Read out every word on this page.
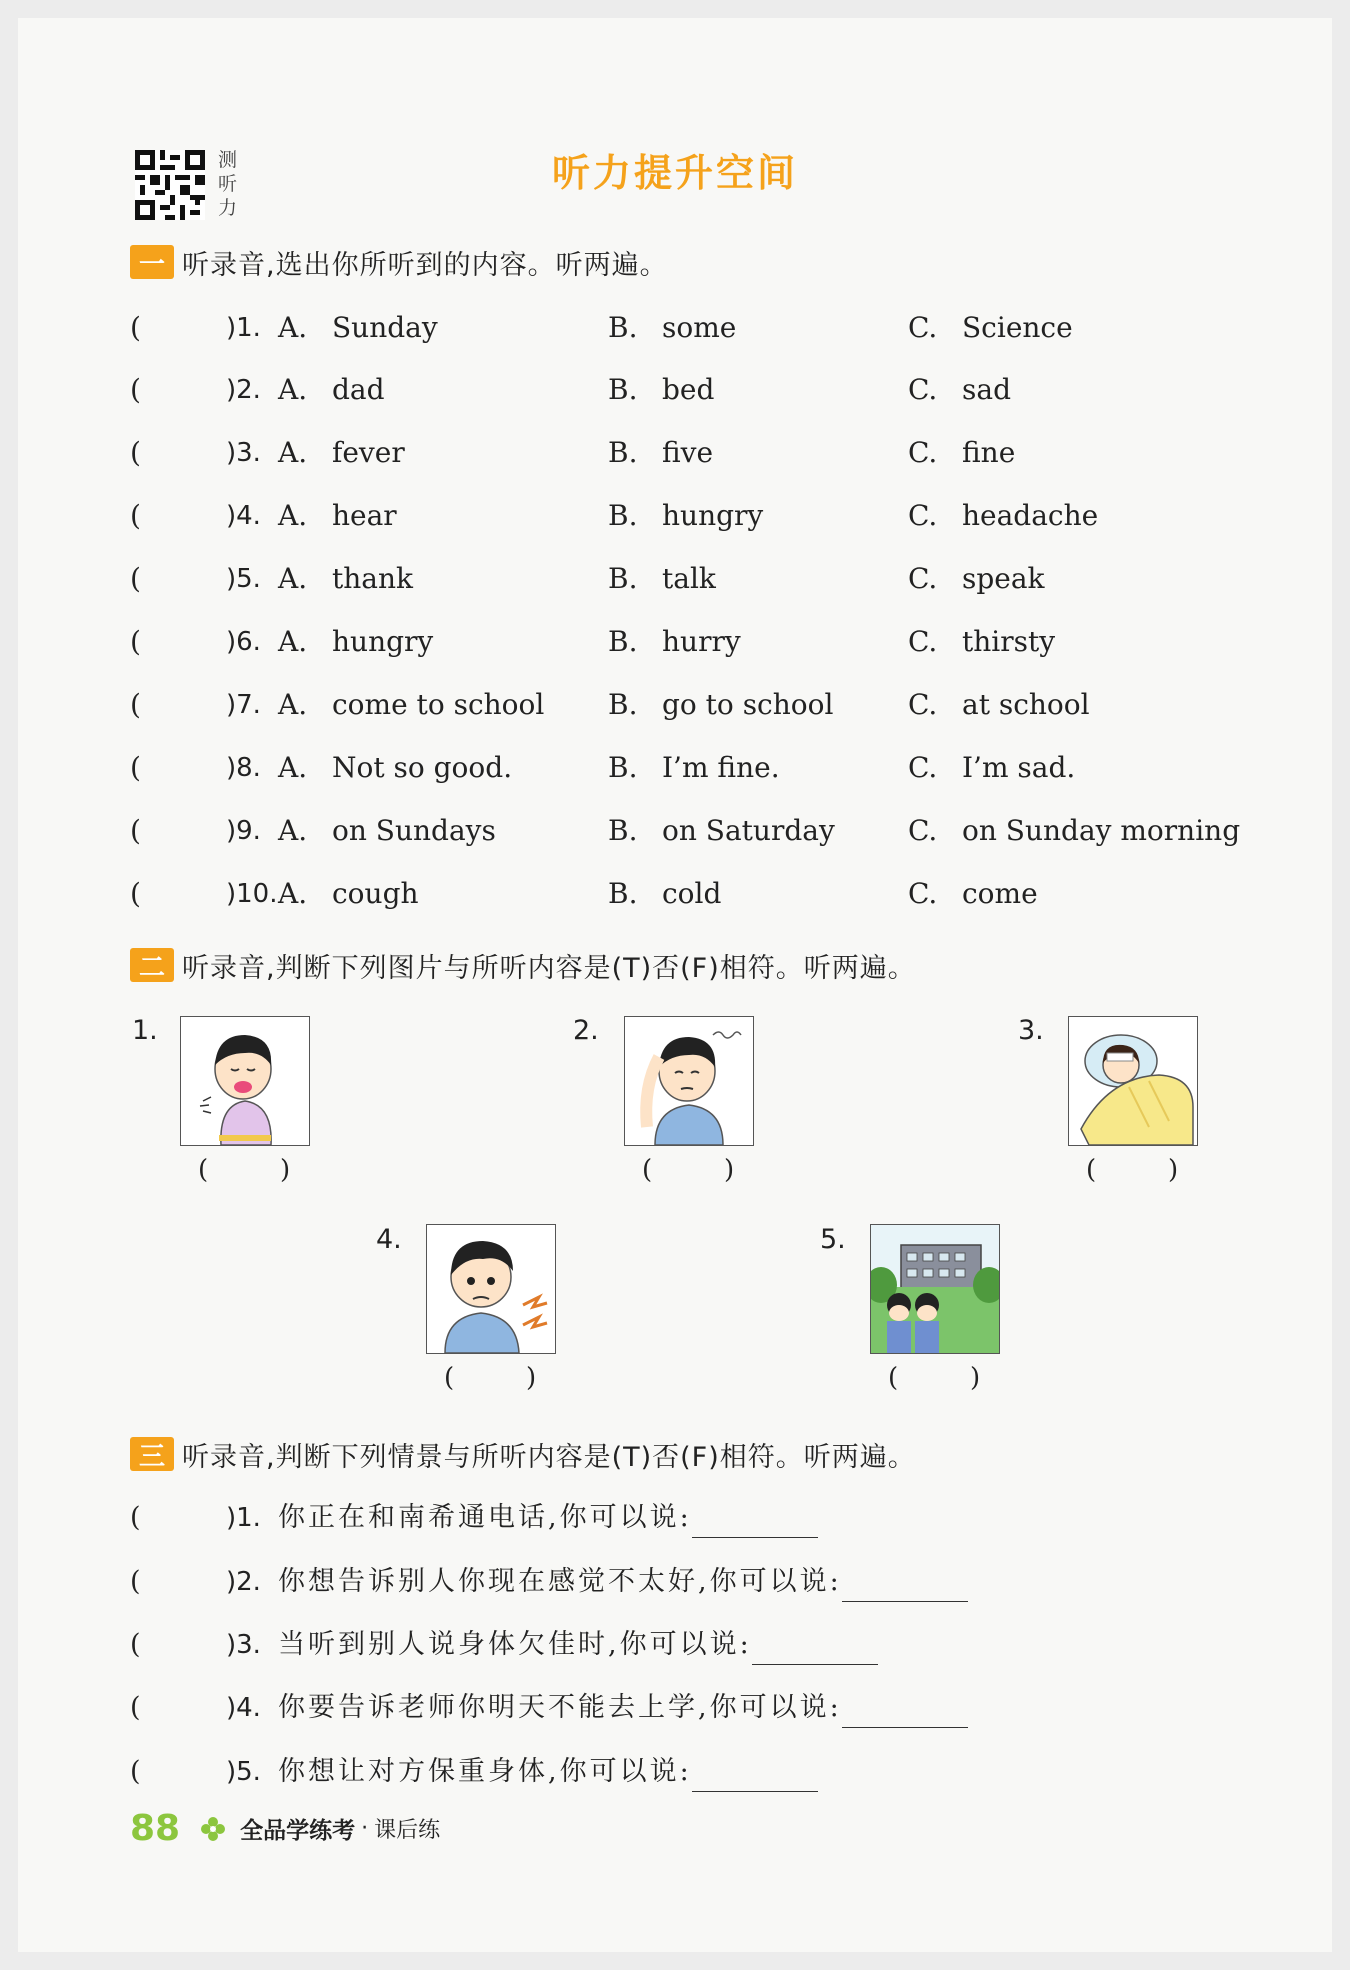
测听力
听力提升空间
一 听录音,选出你所听到的内容。听两遍。
(	)1. A. Sunday	B. some	C. Science
(	)2. A. dad	B. bed	C. sad
(	)3. A. fever	B. five	C. fine
(	)4. A. hear	B. hungry	C. headache
(	)5. A. thank	B. talk	C. speak
(	)6. A. hungry	B. hurry	C. thirsty
(	)7. A. come to school B. go to school	C. at school
(	)8. A. Not so good.	B. I’m fine.	C. I’m sad.
(	)9. A. on Sundays	B. on Saturday	C. on Sunday morning
(	)10. A. cough	B. cold	C. come
二 听录音,判断下列图片与所听内容是(T)否(F)相符。听两遍。
1.
(	)
2.
(	)
3.
(	)
4.
(	)
5.
(	)
三 听录音,判断下列情景与所听内容是(T)否(F)相符。听两遍。
(	)1. 你正在和南希通电话,你可以说:
(	)2. 你想告诉别人你现在感觉不太好,你可以说:
(	)3. 当听到别人说身体欠佳时,你可以说:
(	)4. 你要告诉老师你明天不能去上学,你可以说:
(	)5. 你想让对方保重身体,你可以说:
88	全品学练考 · 课后练
